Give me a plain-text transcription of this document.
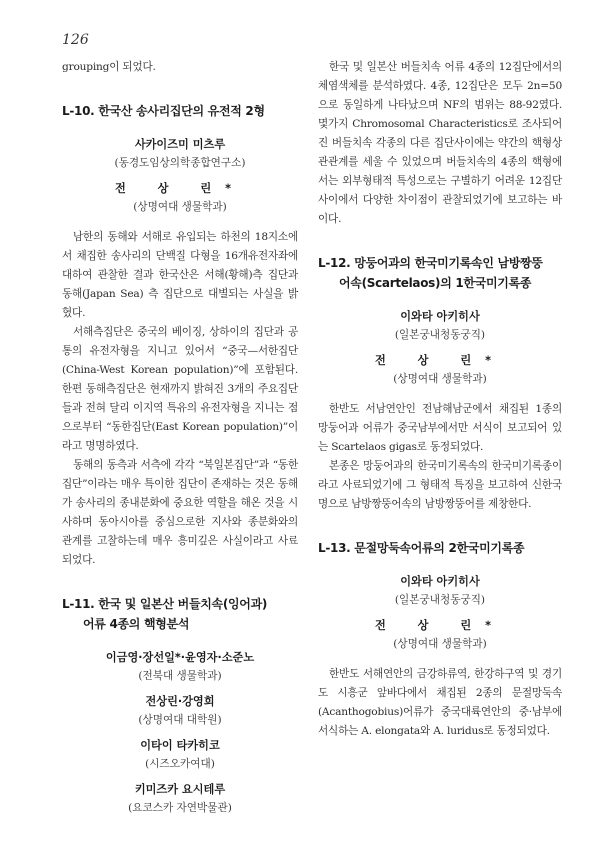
126

grouping이 되었다.

L-10. 한국산 송사리집단의 유전적 2형

사카이즈미 미츠루

(동경도임상의학종합연구소)

전 상 린*

(상명여대 생물학과)

남한의 동해와 서해로 유입되는 하천의 18지소에서 채집한 송사리의 단백질 다형을 16개유전자좌에 대하여 관찰한 결과 한국산은 서해(황해)측 집단과 동해(Japan Sea) 측 집단으로 대별되는 사실을 밝혔다.

서해측집단은 중국의 베이징, 상하이의 집단과 공통의 유전자형을 지니고 있어서 “중국—서한집단(China-West Korean population)”에 포함된다. 한편 동해측집단은 현재까지 밝혀진 3개의 주요집단들과 전혀 달리 이지역 특유의 유전자형을 지니는 점으로부터 “동한집단(East Korean population)”이라고 명명하였다.

동해의 동측과 서측에 각각 “북일본집단”과 “동한집단”이라는 매우 특이한 집단이 존재하는 것은 동해가 송사리의 종내분화에 중요한 역할을 해온 것을 시사하며 동아시아를 중심으로한 지사와 종분화와의 관계를 고찰하는데 매우 흥미깊은 사실이라고 사료되었다.

L-11. 한국 및 일본산 버들치속(잉어과)
어류 4종의 핵형분석

이금영·장선일*·윤영자·소준노

(전북대 생물학과)

전상린·강영희

(상명여대 대학원)

이타이 타카히코

(시즈오카여대)

키미즈카 요시테루

(요코스카 자연박물관)

한국 및 일본산 버들치속 어류 4종의 12집단에서의 체염색체를 분석하였다. 4종, 12집단은 모두 2n=50으로 동일하게 나타났으며 NF의 범위는 88-92였다. 몇가지 Chromosomal Characteristics로 조사되어진 버들치속 각종의 다른 집단사이에는 약간의 핵형상관관계를 세울 수 있었으며 버들치속의 4종의 핵형에서는 외부형태적 특성으로는 구별하기 어려운 12집단 사이에서 다양한 차이점이 관찰되었기에 보고하는 바이다.

L-12. 망둥어과의 한국미기록속인 남방짱뚱
어속(Scartelaos)의 1한국미기록종

이와타 아키히사

(일본궁내청동궁직)

전 상 린*

(상명여대 생물학과)

한반도 서남연안인 전남해남군에서 채집된 1종의 망둥어과 어류가 중국남부에서만 서식이 보고되어 있는 Scartelaos gigas로 동정되었다.

본종은 망둥어과의 한국미기록속의 한국미기록종이라고 사료되었기에 그 형태적 특징을 보고하여 신한국명으로 남방짱뚱어속의 남방짱뚱어를 제창한다.

L-13. 문절망둑속어류의 2한국미기록종

이와타 아키히사

(일본궁내청동궁직)

전 상 린*

(상명여대 생물학과)

한반도 서해연안의 금강하류역, 한강하구역 및 경기도 시흥군 앞바다에서 채집된 2종의 문절망둑속(Acanthogobius)어류가 중국대륙연안의 중·남부에 서식하는 A. elongata와 A. luridus로 동정되었다.
